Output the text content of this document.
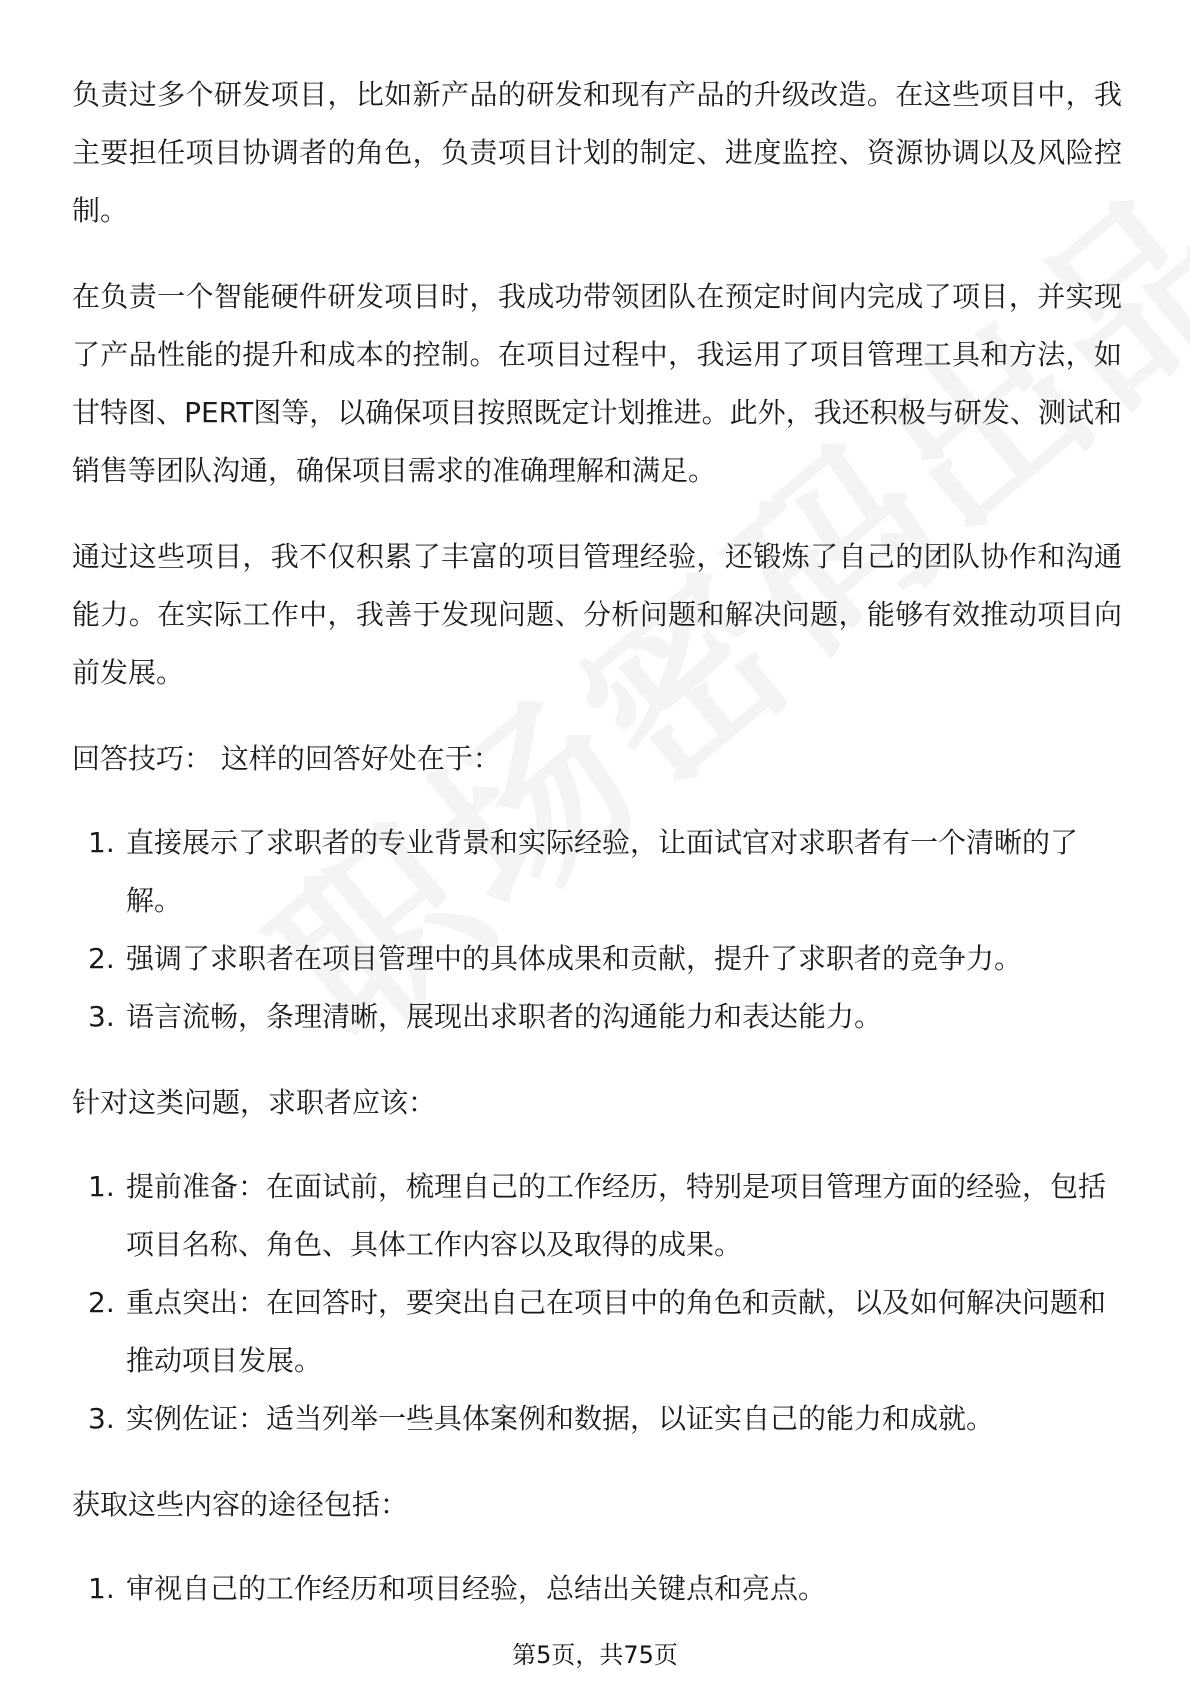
负责过多个研发项目，比如新产品的研发和现有产品的升级改造。在这些项目中，我主要担任项目协调者的角色，负责项目计划的制定、进度监控、资源协调以及风险控制。

在负责一个智能硬件研发项目时，我成功带领团队在预定时间内完成了项目，并实现了产品性能的提升和成本的控制。在项目过程中，我运用了项目管理工具和方法，如甘特图、PERT图等，以确保项目按照既定计划推进。此外，我还积极与研发、测试和销售等团队沟通，确保项目需求的准确理解和满足。

通过这些项目，我不仅积累了丰富的项目管理经验，还锻炼了自己的团队协作和沟通能力。在实际工作中，我善于发现问题、分析问题和解决问题，能够有效推动项目向前发展。

回答技巧： 这样的回答好处在于：

1. 直接展示了求职者的专业背景和实际经验，让面试官对求职者有一个清晰的了解。
2. 强调了求职者在项目管理中的具体成果和贡献，提升了求职者的竞争力。
3. 语言流畅，条理清晰，展现出求职者的沟通能力和表达能力。

针对这类问题，求职者应该：

1. 提前准备：在面试前，梳理自己的工作经历，特别是项目管理方面的经验，包括项目名称、角色、具体工作内容以及取得的成果。
2. 重点突出：在回答时，要突出自己在项目中的角色和贡献，以及如何解决问题和推动项目发展。
3. 实例佐证：适当列举一些具体案例和数据，以证实自己的能力和成就。

获取这些内容的途径包括：

1. 审视自己的工作经历和项目经验，总结出关键点和亮点。
第5页，共75页
